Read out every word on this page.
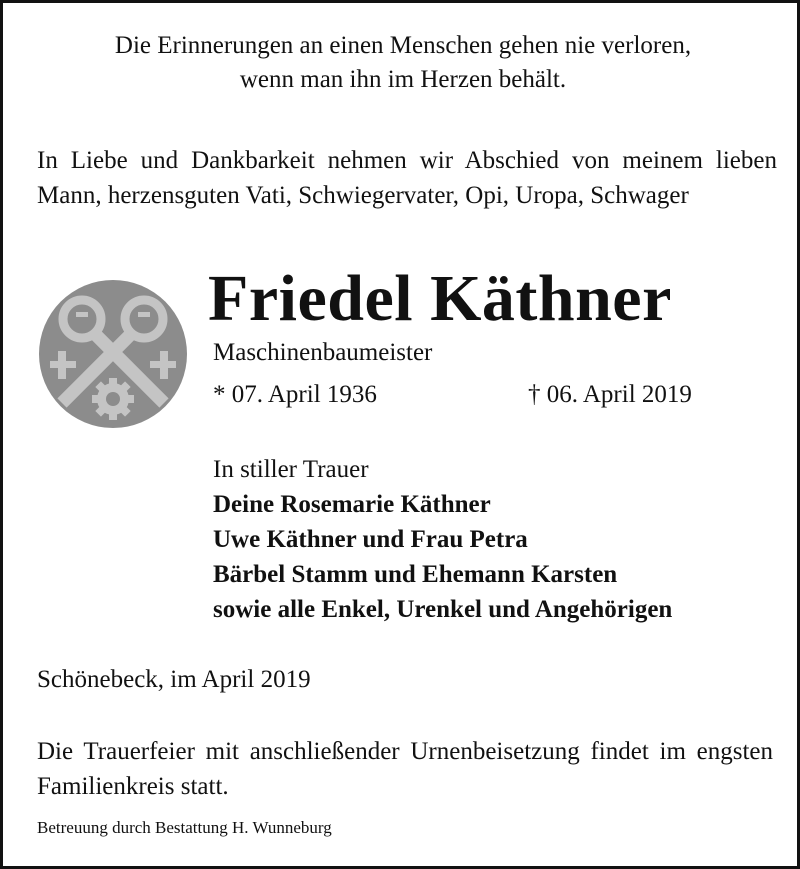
Die Erinnerungen an einen Menschen gehen nie verloren,
wenn man ihn im Herzen behält.
In Liebe und Dankbarkeit nehmen wir Abschied von meinem lieben Mann, herzensguten Vati, Schwiegervater, Opi, Uropa, Schwager
Friedel Käthner
Maschinenbaumeister
* 07. April 1936	† 06. April 2019
In stiller Trauer
Deine Rosemarie Käthner
Uwe Käthner und Frau Petra
Bärbel Stamm und Ehemann Karsten
sowie alle Enkel, Urenkel und Angehörigen
Schönebeck, im April 2019
Die Trauerfeier mit anschließender Urnenbeisetzung findet im engsten Familienkreis statt.
Betreuung durch Bestattung H. Wunneburg
